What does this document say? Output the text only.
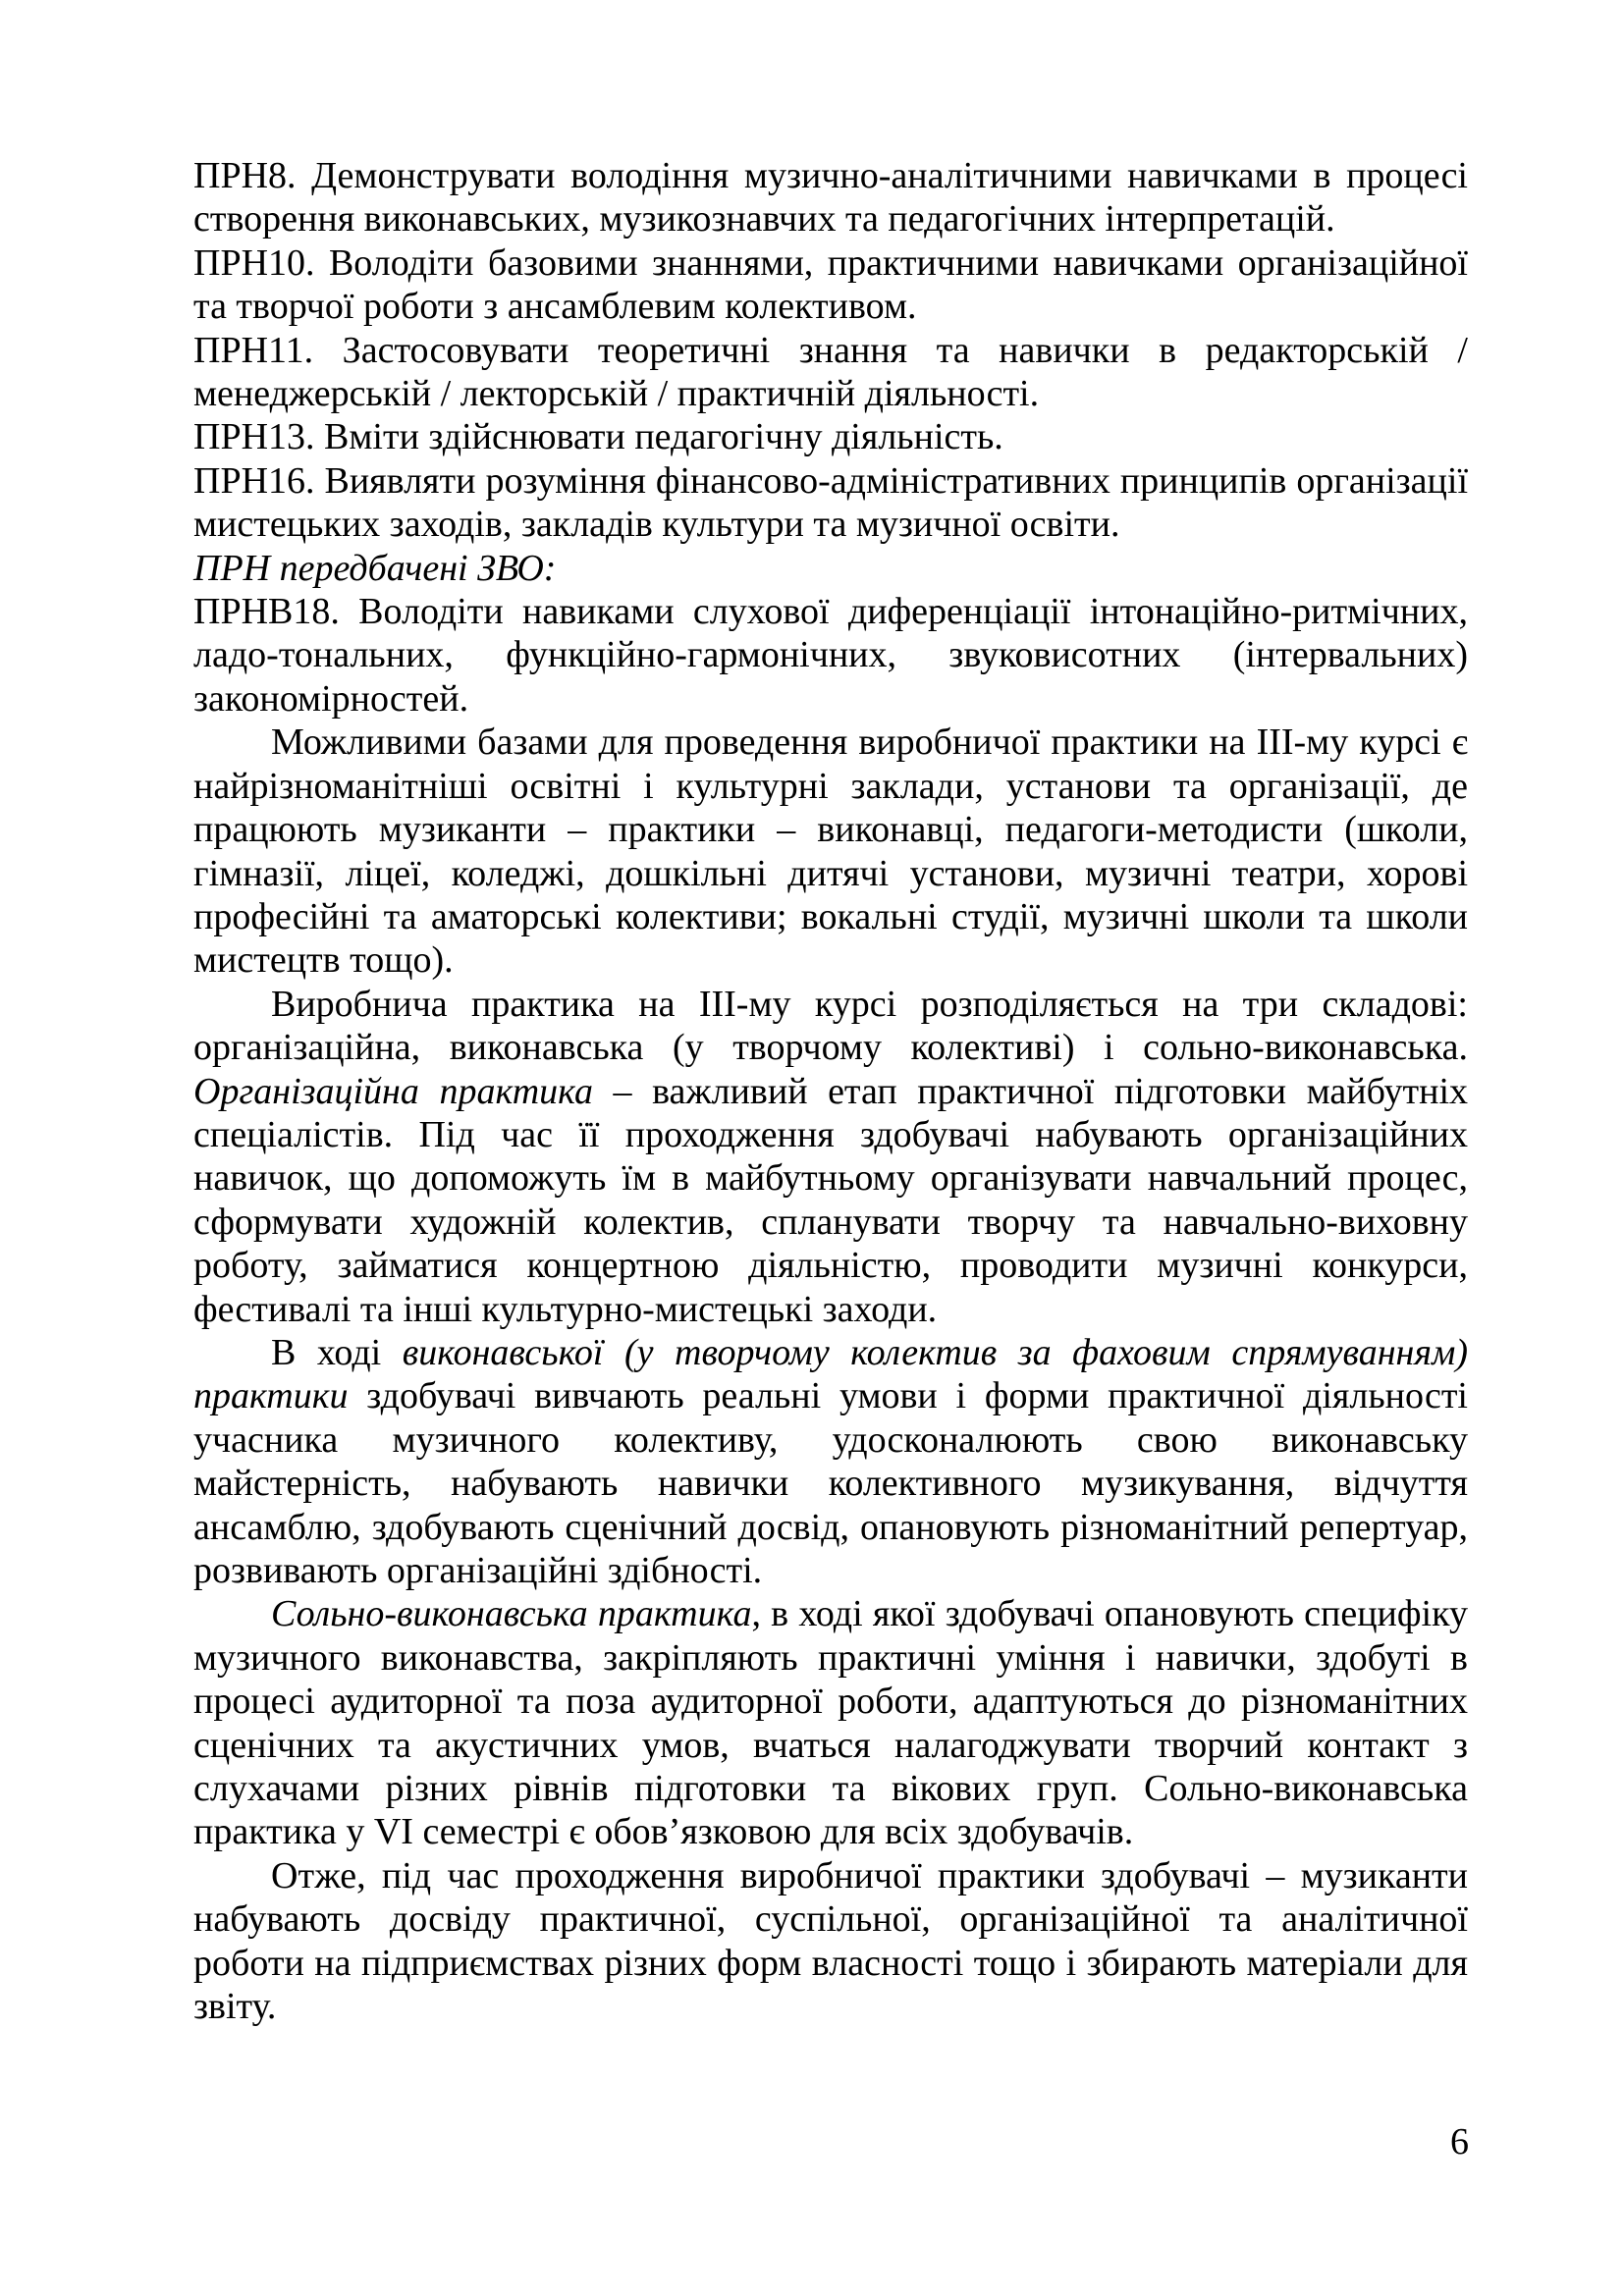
ПРН8. Демонструвати володіння музично-аналітичними навичками в процесі створення виконавських, музикознавчих та педагогічних інтерпретацій.

ПРН10. Володіти базовими знаннями, практичними навичками організаційної та творчої роботи з ансамблевим колективом.

ПРН11. Застосовувати теоретичні знання та навички в редакторській / менеджерській / лекторській / практичній діяльності.

ПРН13. Вміти здійснювати педагогічну діяльність.

ПРН16. Виявляти розуміння фінансово-адміністративних принципів організації мистецьких заходів, закладів культури та музичної освіти.

ПРН передбачені ЗВО:

ПРНВ18. Володіти навиками слухової диференціації інтонаційно-ритмічних, ладо-тональних, функційно-гармонічних, звуковисотних (інтервальних) закономірностей.

Можливими базами для проведення виробничої практики на ІІІ-му курсі є найрізноманітніші освітні і культурні заклади, установи та організації, де працюють музиканти – практики – виконавці, педагоги-методисти (школи, гімназії, ліцеї, коледжі, дошкільні дитячі установи, музичні театри, хорові професійні та аматорські колективи; вокальні студії, музичні школи та школи мистецтв тощо).

Виробнича практика на ІІІ-му курсі розподіляється на три складові: організаційна, виконавська (у творчому колективі) і сольно-виконавська. Організаційна практика – важливий етап практичної підготовки майбутніх спеціалістів. Під час її проходження здобувачі набувають організаційних навичок, що допоможуть їм в майбутньому організувати навчальний процес, сформувати художній колектив, спланувати творчу та навчально-виховну роботу, займатися концертною діяльністю, проводити музичні конкурси, фестивалі та інші культурно-мистецькі заходи.

В ході виконавської (у творчому колектив за фаховим спрямуванням) практики здобувачі вивчають реальні умови і форми практичної діяльності учасника музичного колективу, удосконалюють свою виконавську майстерність, набувають навички колективного музикування, відчуття ансамблю, здобувають сценічний досвід, опановують різноманітний репертуар, розвивають організаційні здібності.

Сольно-виконавська практика, в ході якої здобувачі опановують специфіку музичного виконавства, закріпляють практичні уміння і навички, здобуті в процесі аудиторної та поза аудиторної роботи, адаптуються до різноманітних сценічних та акустичних умов, вчаться налагоджувати творчий контакт з слухачами різних рівнів підготовки та вікових груп. Сольно-виконавська практика у VI семестрі є обов’язковою для всіх здобувачів.

Отже, під час проходження виробничої практики здобувачі – музиканти набувають досвіду практичної, суспільної, організаційної та аналітичної роботи на підприємствах різних форм власності тощо і збирають матеріали для звіту.

6
